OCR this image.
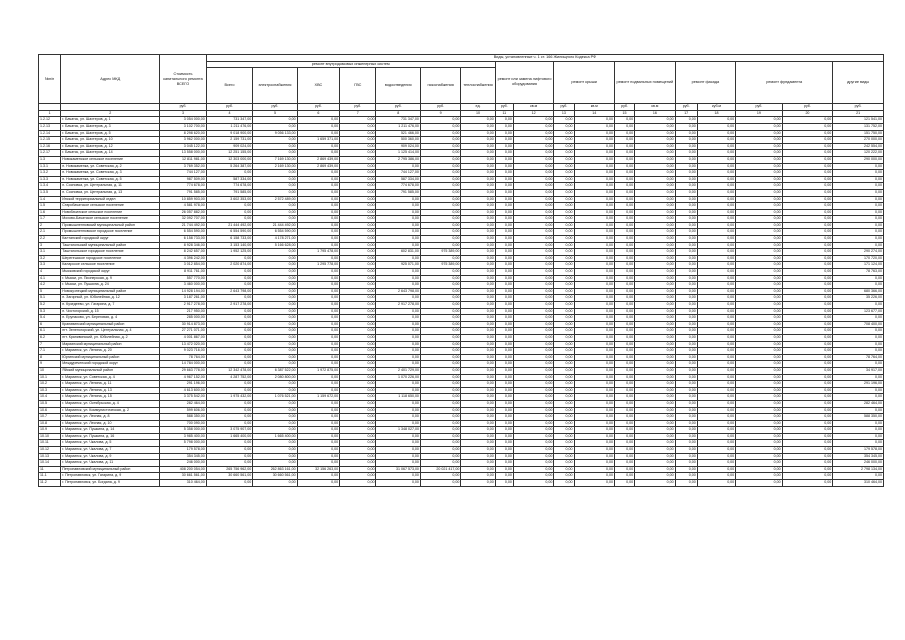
№п/п	Адрес МКД	Стоимость капитального ремонта ВСЕГО	Виды, установленные ч. 1 ст. 166 Жилищного Кодекса РФ																	
			ремонт внутридомовых инженерных систем							ремонт или замена лифтового оборудования		ремонт крыши		ремонт подвальных помещений		ремонт фасада		ремонт фундамента		другие виды
			Всего	электроснабжения	ХВС	ГВС	водоотведения	газоснабжения	теплоснабжения											
		руб.	руб.	руб.	руб.	руб.	руб.	руб.	ед.	руб.	кв.м	руб.	кв.м	руб.	кв.м	руб.	куб.м	руб.	руб.	руб.
1	2	3	4	5	6	7	8	9	10	11	12	13	14	15	16	17	18	19	20	21
1.2.12	г. Бачатск, ул. Шахтеров, д. 1	3 054 000,00	731 347,00	0,00	0,00	0,00	731 347,00	0,00	0,00	0,00	0,00	0,00	0,00	0,00	0,00	0,00	0,00	0,00	0,00	121 541,00
1.2.13	г. Бачатск, ул. Шахтеров, д. 3	3 102 700,00	1 211 476,00	0,00	0,00	0,00	1 211 476,00	0,00	0,00	0,00	0,00	0,00	0,00	0,00	0,00	0,00	0,00	0,00	0,00	131 752,00
1.2.14	г. Бачатск, ул. Шахтеров, д. 5	8 298 620,00	9 018 900,00	9 056 133,00	0,00	0,00	521 466,00	0,00	0,00	0,00	0,00	0,00	0,00	0,00	0,00	0,00	0,00	0,00	0,00	151 750,00
1.2.15	г. Бачатск, ул. Шахтеров, д. 10	3 962 000,00	2 159 731,00	0,00	1 659 371,00	0,00	500 360,00	0,00	0,00	0,00	0,00	0,00	0,00	0,00	0,00	0,00	0,00	0,00	0,00	270 000,00
1.2.16	г. Бачатск, ул. Шахтеров, д. 12	3 045 122,00	909 024,00	0,00	0,00	0,00	909 024,00	0,00	0,00	0,00	0,00	0,00	0,00	0,00	0,00	0,00	0,00	0,00	0,00	242 554,00
1.2.17	г. Бачатск, ул. Шахтеров, д. 14	13 558 000,00	12 251 155,00	0,00	0,00	0,00	1 125 414,00	0,00	0,00	0,00	0,00	0,00	0,00	0,00	0,00	0,00	0,00	0,00	0,00	120 222,00
1.3	Новокаменское сельское поселение	12 811 981,00	12 303 000,00	7 169 130,00	2 869 439,00	0,00	2 795 386,00	0,00	0,00	0,00	0,00	0,00	0,00	0,00	0,00	0,00	0,00	0,00	0,00	290 000,00
1.3.1	п. Новокаменка, ул. Советская, д. 2	3 769 352,00	5 264 387,00	2 169 130,00	2 869 439,00	0,00	0,00	0,00	0,00	0,00	0,00	0,00	0,00	0,00	0,00	0,00	0,00	0,00	0,00	0,00
1.3.2	п. Новокаменка, ул. Советская, д. 3	744 127,00	0,00	0,00	0,00	0,00	744 127,00	0,00	0,00	0,00	0,00	0,00	0,00	0,00	0,00	0,00	0,00	0,00	0,00	0,00
1.3.3	п. Новокаменка, ул. Советская, д. 5	987 509,00	587 334,00	0,00	0,00	0,00	587 334,00	0,00	0,00	0,00	0,00	0,00	0,00	0,00	0,00	0,00	0,00	0,00	0,00	0,00
1.3.4	п. Сосновка, ул. Центральная, д. 11	774 678,00	774 678,00	0,00	0,00	0,00	774 678,00	0,00	0,00	0,00	0,00	0,00	0,00	0,00	0,00	0,00	0,00	0,00	0,00	0,00
1.3.5	п. Сосновка, ул. Центральная, д. 13	791 585,00	791 585,00	0,00	0,00	0,00	791 585,00	0,00	0,00	0,00	0,00	0,00	0,00	0,00	0,00	0,00	0,00	0,00	0,00	0,00
1.4	Инской территориальный отдел	10 859 903,00	3 602 353,00	2 572 489,00	0,00	0,00	0,00	0,00	0,00	0,00	0,00	0,00	0,00	0,00	0,00	0,00	0,00	0,00	0,00	0,00
1.5	Старобачатское сельское поселение	4 581 978,00	0,00	0,00	0,00	0,00	0,00	0,00	0,00	0,00	0,00	0,00	0,00	0,00	0,00	0,00	0,00	0,00	0,00	0,00
1.6	Новобачатское сельское поселение	26 057 882,00	0,00	0,00	0,00	0,00	0,00	0,00	0,00	0,00	0,00	0,00	0,00	0,00	0,00	0,00	0,00	0,00	0,00	0,00
1.7	Мохово-Бачатское сельское поселение	32 092 707,00	0,00	0,00	0,00	0,00	0,00	0,00	0,00	0,00	0,00	0,00	0,00	0,00	0,00	0,00	0,00	0,00	0,00	0,00
2	Промышленновский муниципальный район	21 744 492,00	21 444 492,00	21 444 492,00	0,00	0,00	0,00	0,00	0,00	0,00	0,00	0,00	0,00	0,00	0,00	0,00	0,00	0,00	0,00	0,00
2.1	Промышленновское городское поселение	6 554 590,00	6 554 590,00	6 554 590,00	0,00	0,00	0,00	0,00	0,00	0,00	0,00	0,00	0,00	0,00	0,00	0,00	0,00	0,00	0,00	0,00
2.2	Калтанский городской округ	6 158 733,00	6 158 733,00	4 178 271,00	0,00	0,00	0,00	0,00	0,00	0,00	0,00	0,00	0,00	0,00	0,00	0,00	0,00	0,00	0,00	0,00
3	Таштагольский муниципальный район	8 928 346,00	3 153 140,00	5 166 628,00	0,00	0,00	0,00	0,00	0,00	0,00	0,00	0,00	0,00	0,00	0,00	0,00	0,00	0,00	0,00	0,00
3.1	Таштагольское городское поселение	8 242 657,00	1 952 125,00	0,00	1 795 478,00	0,00	602 831,00	975 389,00	0,00	0,00	0,00	0,00	0,00	0,00	0,00	0,00	0,00	0,00	0,00	290 274,00
3.2	Шерегешское городское поселение	4 396 242,00	0,00	0,00	0,00	0,00	0,00	0,00	0,00	0,00	0,00	0,00	0,00	0,00	0,00	0,00	0,00	0,00	0,00	170 720,00
3.3	Каларское сельское поселение	3 012 854,00	2 020 874,00	0,00	1 295 778,00	0,00	925 071,00	975 389,00	0,00	0,00	0,00	0,00	0,00	0,00	0,00	0,00	0,00	0,00	0,00	171 124,00
4	Мысковский городской округ	8 911 761,00	0,00	0,00	0,00	0,00	0,00	0,00	0,00	0,00	0,00	0,00	0,00	0,00	0,00	0,00	0,00	0,00	0,00	78 763,00
4.1	г. Мыски, ул. Пионерская, д. 9	557 770,00	0,00	0,00	0,00	0,00	0,00	0,00	0,00	0,00	0,00	0,00	0,00	0,00	0,00	0,00	0,00	0,00	0,00	0,00
4.2	г. Мыски, ул. Пушкина, д. 24	3 460 000,00	0,00	0,00	0,00	0,00	0,00	0,00	0,00	0,00	0,00	0,00	0,00	0,00	0,00	0,00	0,00	0,00	0,00	0,00
5	Новокузнецкий муниципальный район	14 928 194,00	2 643 798,00	0,00	0,00	0,00	2 643 798,00	0,00	0,00	0,00	0,00	0,00	0,00	0,00	0,00	0,00	0,00	0,00	0,00	680 366,00
5.1	п. Загорный, ул. Юбилейная, д. 12	3 187 261,00	0,00	0,00	0,00	0,00	0,00	0,00	0,00	0,00	0,00	0,00	0,00	0,00	0,00	0,00	0,00	0,00	0,00	35 226,00
5.2	п. Кузедеево, ул. Гагарина, д. 7	2 917 278,00	2 917 278,00	0,00	0,00	0,00	2 917 278,00	0,00	0,00	0,00	0,00	0,00	0,00	0,00	0,00	0,00	0,00	0,00	0,00	0,00
5.3	п. Чистогорский, д. 15	217 950,00	0,00	0,00	0,00	0,00	0,00	0,00	0,00	0,00	0,00	0,00	0,00	0,00	0,00	0,00	0,00	0,00	0,00	123 677,00
5.4	п. Ерунаково, ул. Береговая, д. 4	285 000,00	0,00	0,00	0,00	0,00	0,00	0,00	0,00	0,00	0,00	0,00	0,00	0,00	0,00	0,00	0,00	0,00	0,00	0,00
6	Крапивинский муниципальный район	30 914 873,00	0,00	0,00	0,00	0,00	0,00	0,00	0,00	0,00	0,00	0,00	0,00	0,00	0,00	0,00	0,00	0,00	0,00	708 400,00
6.1	пгт. Зеленогорский, ул. Центральная, д. 4	27 271 071,00	0,00	0,00	0,00	0,00	0,00	0,00	0,00	0,00	0,00	0,00	0,00	0,00	0,00	0,00	0,00	0,00	0,00	0,00
6.2	пгт. Крапивинский, ул. Юбилейная, д. 2	4 001 867,00	0,00	0,00	0,00	0,00	0,00	0,00	0,00	0,00	0,00	0,00	0,00	0,00	0,00	0,00	0,00	0,00	0,00	0,00
7	Мариинский муниципальный район	13 472 020,00	0,00	0,00	0,00	0,00	0,00	0,00	0,00	0,00	0,00	0,00	0,00	0,00	0,00	0,00	0,00	0,00	0,00	0,00
7.1	г. Мариинск, ул. Ленина, д. 20	9 023 716,00	0,00	0,00	0,00	0,00	0,00	0,00	0,00	0,00	0,00	0,00	0,00	0,00	0,00	0,00	0,00	0,00	0,00	0,00
8	Юргинский муниципальный район	78 764,00	0,00	0,00	0,00	0,00	0,00	0,00	0,00	0,00	0,00	0,00	0,00	0,00	0,00	0,00	0,00	0,00	0,00	78 764,00
9	Междуреченский городской округ	14 784 000,00	0,00	0,00	0,00	0,00	0,00	0,00	0,00	0,00	0,00	0,00	0,00	0,00	0,00	0,00	0,00	0,00	0,00	0,00
10	Яйский муниципальный район	29 663 778,00	12 342 478,00	6 387 522,00	1 972 875,00	0,00	2 401 729,00	0,00	0,00	0,00	0,00	0,00	0,00	0,00	0,00	0,00	0,00	0,00	0,00	34 917,00
10.1	г. Мариинск, ул. Советская, д. 4	4 967 152,00	4 287 752,00	2 080 800,00	0,00	0,00	1 070 226,00	0,00	0,00	0,00	0,00	0,00	0,00	0,00	0,00	0,00	0,00	0,00	0,00	0,00
10.2	г. Мариинск, ул. Ленина, д. 11	291 196,00	0,00	0,00	0,00	0,00	0,00	0,00	0,00	0,00	0,00	0,00	0,00	0,00	0,00	0,00	0,00	0,00	0,00	291 196,00
10.3	г. Мариинск, ул. Ленина, д. 13	4 613 600,00	0,00	0,00	0,00	0,00	0,00	0,00	0,00	0,00	0,00	0,00	0,00	0,00	0,00	0,00	0,00	0,00	0,00	0,00
10.4	г. Мариинск, ул. Ленина, д. 15	3 375 542,00	1 975 432,00	1 076 521,00	1 159 672,00	0,00	1 118 650,00	0,00	0,00	0,00	0,00	0,00	0,00	0,00	0,00	0,00	0,00	0,00	0,00	0,00
10.5	г. Мариинск, ул. Октябрьская, д. 4	282 464,00	0,00	0,00	0,00	0,00	0,00	0,00	0,00	0,00	0,00	0,00	0,00	0,00	0,00	0,00	0,00	0,00	0,00	282 464,00
10.6	г. Мариинск, ул. Коммунистическая, д. 2	599 606,00	0,00	0,00	0,00	0,00	0,00	0,00	0,00	0,00	0,00	0,00	0,00	0,00	0,00	0,00	0,00	0,00	0,00	0,00
10.7	г. Мариинск, ул. Лесная, д. 8	588 350,00	0,00	0,00	0,00	0,00	0,00	0,00	0,00	0,00	0,00	0,00	0,00	0,00	0,00	0,00	0,00	0,00	0,00	588 350,00
10.8	г. Мариинск, ул. Лесная, д. 10	700 090,00	0,00	0,00	0,00	0,00	0,00	0,00	0,00	0,00	0,00	0,00	0,00	0,00	0,00	0,00	0,00	0,00	0,00	0,00
10.9	г. Мариинск, ул. Пушкина, д. 14	5 358 000,00	3 075 907,00	0,00	0,00	0,00	1 348 027,00	0,00	0,00	0,00	0,00	0,00	0,00	0,00	0,00	0,00	0,00	0,00	0,00	0,00
10.10	г. Мариинск, ул. Пушкина, д. 16	3 985 400,00	1 665 400,00	1 665 400,00	0,00	0,00	0,00	0,00	0,00	0,00	0,00	0,00	0,00	0,00	0,00	0,00	0,00	0,00	0,00	0,00
10.11	г. Мариинск, ул. Чкалова, д. 5	5 798 000,00	0,00	0,00	0,00	0,00	0,00	0,00	0,00	0,00	0,00	0,00	0,00	0,00	0,00	0,00	0,00	0,00	0,00	0,00
10.12	г. Мариинск, ул. Чкалова, д. 7	179 578,00	0,00	0,00	0,00	0,00	0,00	0,00	0,00	0,00	0,00	0,00	0,00	0,00	0,00	0,00	0,00	0,00	0,00	179 578,00
10.13	г. Мариинск, ул. Чкалова, д. 9	354 345,00	0,00	0,00	0,00	0,00	0,00	0,00	0,00	0,00	0,00	0,00	0,00	0,00	0,00	0,00	0,00	0,00	0,00	354 345,00
10.14	г. Мариинск, ул. Чкалова, д. 11	246 000,00	0,00	0,00	0,00	0,00	0,00	0,00	0,00	0,00	0,00	0,00	0,00	0,00	0,00	0,00	0,00	0,00	0,00	246 000,00
11	Петропавловский муниципальный район	408 200 054,00	265 756 962,00	262 863 161,00	32 156 263,00	0,00	31 067 573,00	20 021 417,00	0,00	0,00	0,00	0,00	0,00	0,00	0,00	0,00	0,00	0,00	0,00	2 798 134,00
11.1	г. Петропавловск, ул. Гагарина, д. 9	30 661 561,00	30 660 561,00	30 660 561,00	0,00	0,00	0,00	0,00	0,00	0,00	0,00	0,00	0,00	0,00	0,00	0,00	0,00	0,00	0,00	0,00
11.2	г. Петропавловск, ул. Богдана, д. 9	310 464,00	0,00	0,00	0,00	0,00	0,00	0,00	0,00	0,00	0,00	0,00	0,00	0,00	0,00	0,00	0,00	0,00	0,00	310 464,00
